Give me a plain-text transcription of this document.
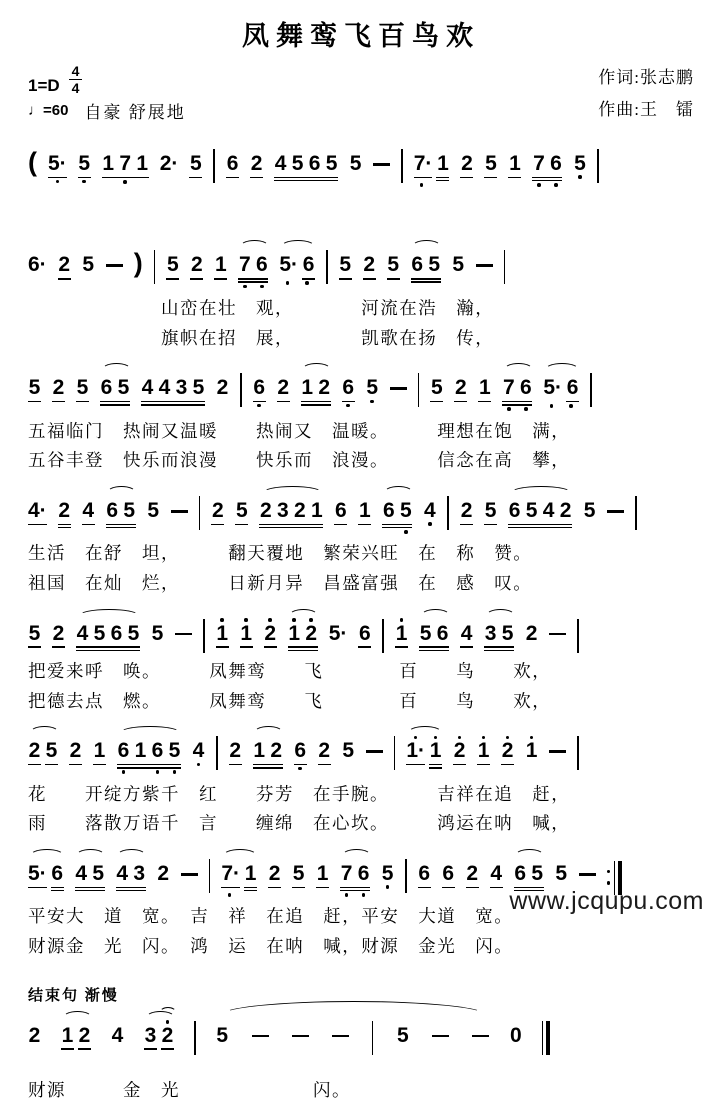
凤舞鸾飞百鸟欢
$1=D \frac{4}{4}$
♩=60 自豪 舒展地
作词:张志鹏
作曲:王　镭
( 5· 5 1 7 1 2· 5 6 2 4 5 6 5 5 7· 1 2 5 1 7 6 5
6· 2 5 ) 5 2 1 7 6 5· 6 5 2 5 6 5 5
　　　　　　　山峦在壮　观，　　　　河流在浩　瀚，
　　　　　　　旗帜在招　展，　　　　凯歌在扬　传，
5 2 5 6 5 4 4 3 5 2 6 2 1 2 6 5	5 2 1 7 6 5· 6
五福临门　热闹又温暖　　热闹又　温暖。　　　理想在饱　满，
五谷丰登　快乐而浪漫　　快乐而　浪漫。　　　信念在高　攀，
4· 2 4 6 5 5	2 5 2 3 2 1 6 1 6 5 4 2 5 6 5 4 2 5
生活　在舒　坦，　　　翻天覆地　繁荣兴旺　在　称　赞。
祖国　在灿　烂，　　　日新月异　昌盛富强　在　感　叹。
5 2 4 5 6 5 5	1 1 2 1 2 5· 6 1 5 6 4 3 5 2
把爱来呼　唤。　　　凤舞鸾　　飞　　　　百　　鸟　　欢，
把德去点　燃。　　　凤舞鸾　　飞　　　　百　　鸟　　欢，
2 5 2 1 6 1 6 5 4 2 1 2 6 2 5 1· 1 2 1 2 1
花　　开绽方紫千　红　　芬芳　在手腕。　　　吉祥在追　赶，
雨　　落散万语千　言　　缠绵　在心坎。　　　鸿运在呐　喊，
5· 6 4 5 4 3 2 7· 1 2 5 1 7 6 5 6 6 2 4 6 5 5
平安大　道　宽。　吉　祥　在追　赶，平安　大道　宽。
财源金　光　闪。　鸿　运　在呐　喊，财源　金光　闪。
结束句 渐慢
2 1 2 4 3 2 5	5	0
财源　　　金　光　　　　　　　闪。
www.jcqupu.com
